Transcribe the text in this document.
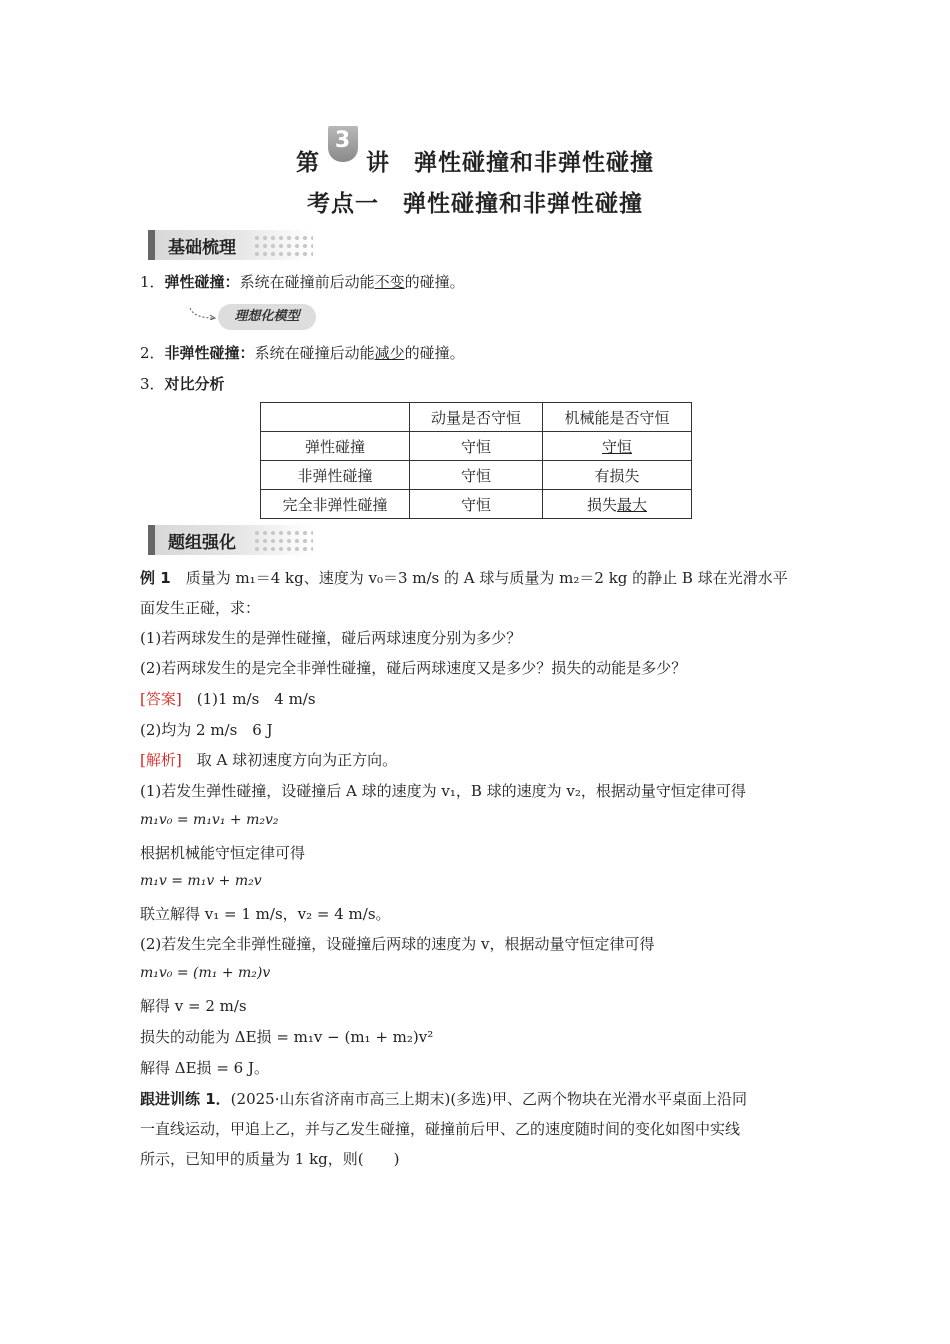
第
3
讲　弹性碰撞和非弹性碰撞
考点一　弹性碰撞和非弹性碰撞
基础梳理
1．弹性碰撞：系统在碰撞前后动能不变的碰撞。
理想化模型
2．非弹性碰撞：系统在碰撞后动能减少的碰撞。
3．对比分析
	动量是否守恒	机械能是否守恒
弹性碰撞	守恒	守恒
非弹性碰撞	守恒	有损失
完全非弹性碰撞	守恒	损失最大
题组强化
例 1　 质量为 m₁＝4 kg、速度为 v₀＝3 m/s 的 A 球与质量为 m₂＝2 kg 的静止 B 球在光滑水平
面发生正碰，求：
(1)若两球发生的是弹性碰撞，碰后两球速度分别为多少？
(2)若两球发生的是完全非弹性碰撞，碰后两球速度又是多少？损失的动能是多少？
[答案]　 (1)1 m/s　4 m/s
(2)均为 2 m/s　6 J
[解析]　 取 A 球初速度方向为正方向。
(1)若发生弹性碰撞，设碰撞后 A 球的速度为 v₁，B 球的速度为 v₂，根据动量守恒定律可得
m₁v₀ = m₁v₁ + m₂v₂
根据机械能守恒定律可得
m₁v = m₁v + m₂v
联立解得 v₁ = 1 m/s，v₂ = 4 m/s。
(2)若发生完全非弹性碰撞，设碰撞后两球的速度为 v，根据动量守恒定律可得
m₁v₀ = (m₁ + m₂)v
解得 v = 2 m/s
损失的动能为 ΔE损 = m₁v − (m₁ + m₂)v²
解得 ΔE损 = 6 J。
跟进训练 1．(2025·山东省济南市高三上期末)(多选)甲、乙两个物块在光滑水平桌面上沿同
一直线运动，甲追上乙，并与乙发生碰撞，碰撞前后甲、乙的速度随时间的变化如图中实线
所示，已知甲的质量为 1 kg，则(　　)
